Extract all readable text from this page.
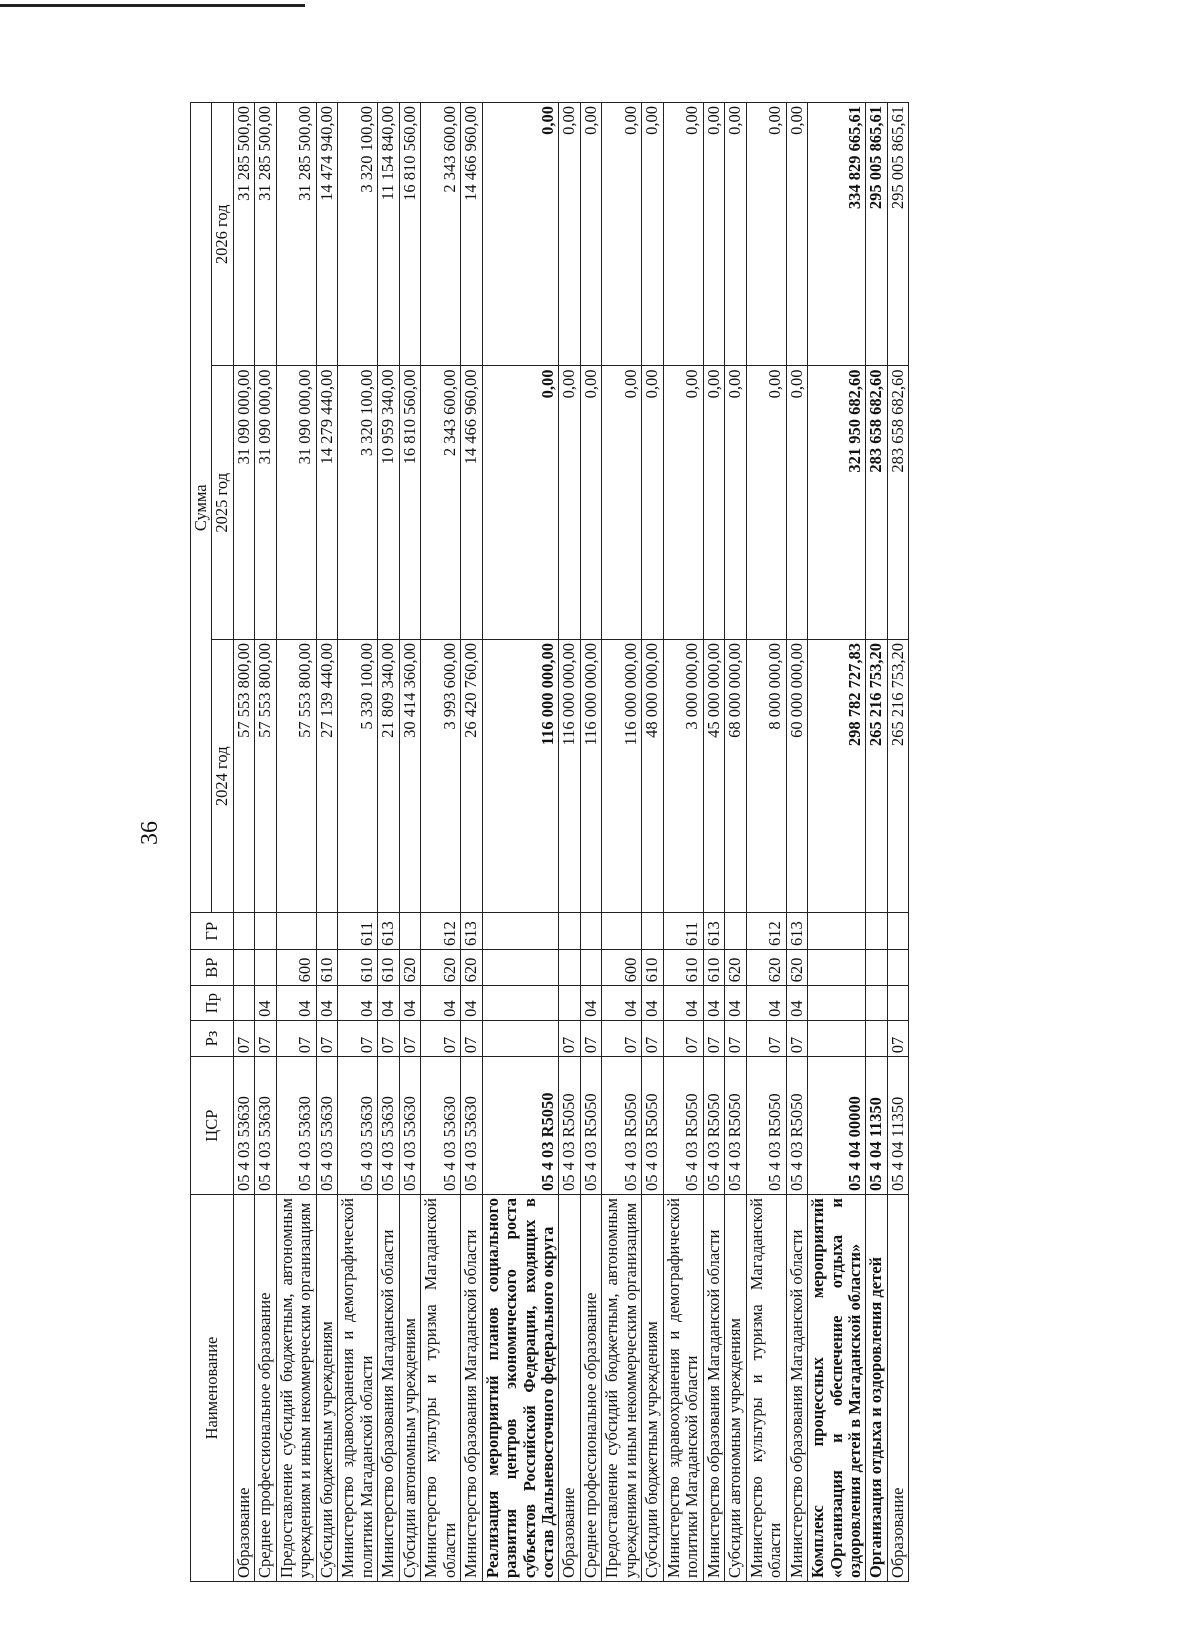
36
Наименование	ЦСР	Рз	Пр	ВР	ГР	Сумма		
						2024 год	2025 год	2026 год
Образование	05 4 03 53630	07				57 553 800,00	31 090 000,00	31 285 500,00
Среднее профессиональное образование	05 4 03 53630	07	04			57 553 800,00	31 090 000,00	31 285 500,00
Предоставление субсидий бюджетным, автономным учреждениям и иным некоммерческим организациям	05 4 03 53630	07	04	600		57 553 800,00	31 090 000,00	31 285 500,00
Субсидии бюджетным учреждениям	05 4 03 53630	07	04	610		27 139 440,00	14 279 440,00	14 474 940,00
Министерство здравоохранения и демографической политики Магаданской области	05 4 03 53630	07	04	610	611	5 330 100,00	3 320 100,00	3 320 100,00
Министерство образования Магаданской области	05 4 03 53630	07	04	610	613	21 809 340,00	10 959 340,00	11 154 840,00
Субсидии автономным учреждениям	05 4 03 53630	07	04	620		30 414 360,00	16 810 560,00	16 810 560,00
Министерство культуры и туризма Магаданской области	05 4 03 53630	07	04	620	612	3 993 600,00	2 343 600,00	2 343 600,00
Министерство образования Магаданской области	05 4 03 53630	07	04	620	613	26 420 760,00	14 466 960,00	14 466 960,00
Реализация мероприятий планов социального развития центров экономического роста субъектов Российской Федерации, входящих в состав Дальневосточного федерального округа	05 4 03 R5050					116 000 000,00	0,00	0,00
Образование	05 4 03 R5050	07				116 000 000,00	0,00	0,00
Среднее профессиональное образование	05 4 03 R5050	07	04			116 000 000,00	0,00	0,00
Предоставление субсидий бюджетным, автономным учреждениям и иным некоммерческим организациям	05 4 03 R5050	07	04	600		116 000 000,00	0,00	0,00
Субсидии бюджетным учреждениям	05 4 03 R5050	07	04	610		48 000 000,00	0,00	0,00
Министерство здравоохранения и демографической политики Магаданской области	05 4 03 R5050	07	04	610	611	3 000 000,00	0,00	0,00
Министерство образования Магаданской области	05 4 03 R5050	07	04	610	613	45 000 000,00	0,00	0,00
Субсидии автономным учреждениям	05 4 03 R5050	07	04	620		68 000 000,00	0,00	0,00
Министерство культуры и туризма Магаданской области	05 4 03 R5050	07	04	620	612	8 000 000,00	0,00	0,00
Министерство образования Магаданской области	05 4 03 R5050	07	04	620	613	60 000 000,00	0,00	0,00
Комплекс процессных мероприятий «Организация и обеспечение отдыха и оздоровления детей в Магаданской области»	05 4 04 00000					298 782 727,83	321 950 682,60	334 829 665,61
Организация отдыха и оздоровления детей	05 4 04 11350					265 216 753,20	283 658 682,60	295 005 865,61
Образование	05 4 04 11350	07				265 216 753,20	283 658 682,60	295 005 865,61
